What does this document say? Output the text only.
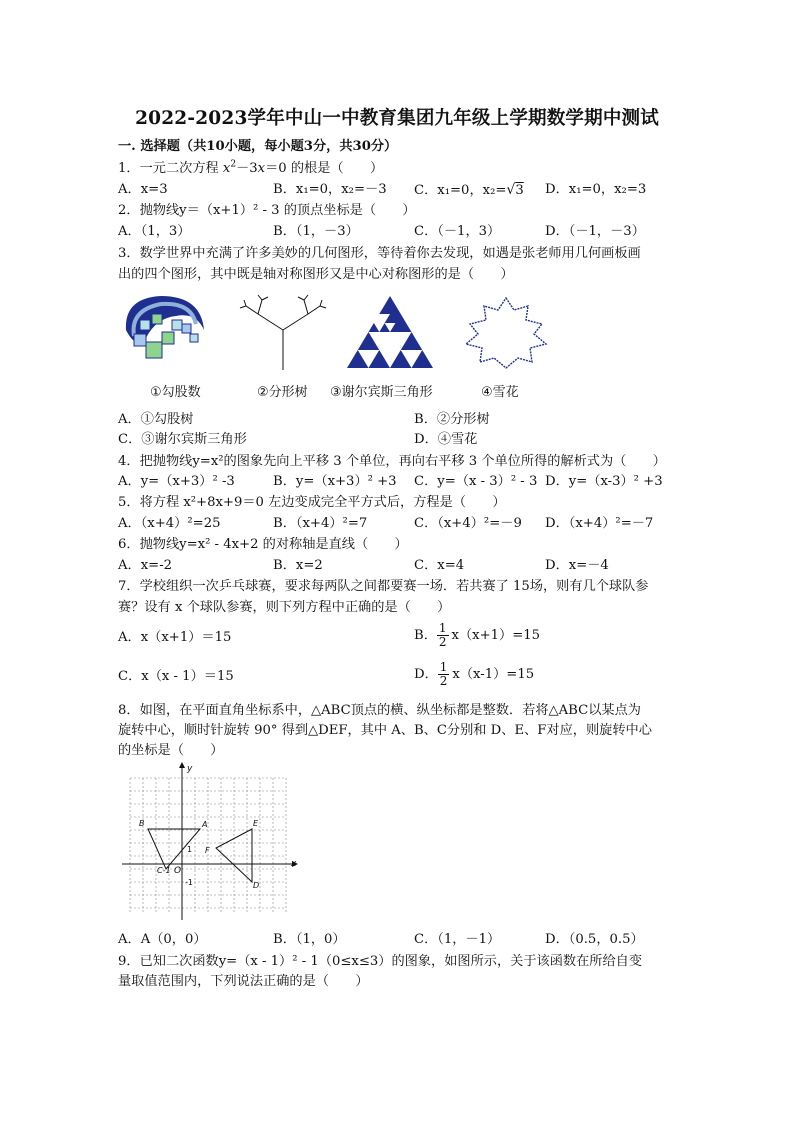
2022-2023学年中山一中教育集团九年级上学期数学期中测试
一. 选择题（共10小题，每小题3分，共30分）
1．一元二次方程 $x^2-3x=0$ 的根是（　　）
A．x=3	B．x₁=0，x₂=－3 C．x₁=0，x₂=√3 D．x₁=0，x₂=3
2．抛物线y＝（x+1）² - 3 的顶点坐标是（　　）
A．（1，3）	B．（1，－3）	C．（－1，3）	D．（－1，－3）
3．数学世界中充满了许多美妙的几何图形，等待着你去发现，如遇是张老师用几何画板画
出的四个图形，其中既是轴对称图形又是中心对称图形的是（　　）
①勾股数	②分形树 ③谢尔宾斯三角形	④雪花
A．①勾股树	B．②分形树
C．③谢尔宾斯三角形	D．④雪花
4．把抛物线y=x²的图象先向上平移 3 个单位，再向右平移 3 个单位所得的解析式为（　　）
A．y=（x+3）² -3	B．y=（x+3）² +3 C．y=（x - 3）² - 3 D．y=（x-3）² +3
5．将方程 x²+8x+9＝0 左边变成完全平方式后，方程是（　　）
A．（x+4）²=25	B．（x+4）²=7	C．（x+4）²=－9 D．（x+4）²=－7
6．抛物线y=x² - 4x+2 的对称轴是直线（　　）
A．x=-2	B．x=2	C．x=4	D．x=－4
7．学校组织一次乒乓球赛，要求每两队之间都要赛一场．若共赛了 15场，则有几个球队参
赛？设有 x 个球队参赛，则下列方程中正确的是（　　）
A．x（x+1）＝15	B． $\frac{1}{2} x(x+1)=15$
C．x（x - 1）＝15	D． $\frac{1}{2} x(x-1)=15$
8．如图，在平面直角坐标系中，△ABC顶点的横、纵坐标都是整数．若将△ABC以某点为
旋转中心，顺时针旋转 90° 得到△DEF，其中 A、B、C分别和 D、E、F对应，则旋转中心
的坐标是（　　）
y
x
O
1
-1
C-1
A
B	E
F
D
A．A（0，0）	B．（1，0）	C．（1，－1）	D．（0.5，0.5）
9．已知二次函数y=（x - 1）² - 1（0≤x≤3）的图象，如图所示，关于该函数在所给自变
量取值范围内，下列说法正确的是（　　）
